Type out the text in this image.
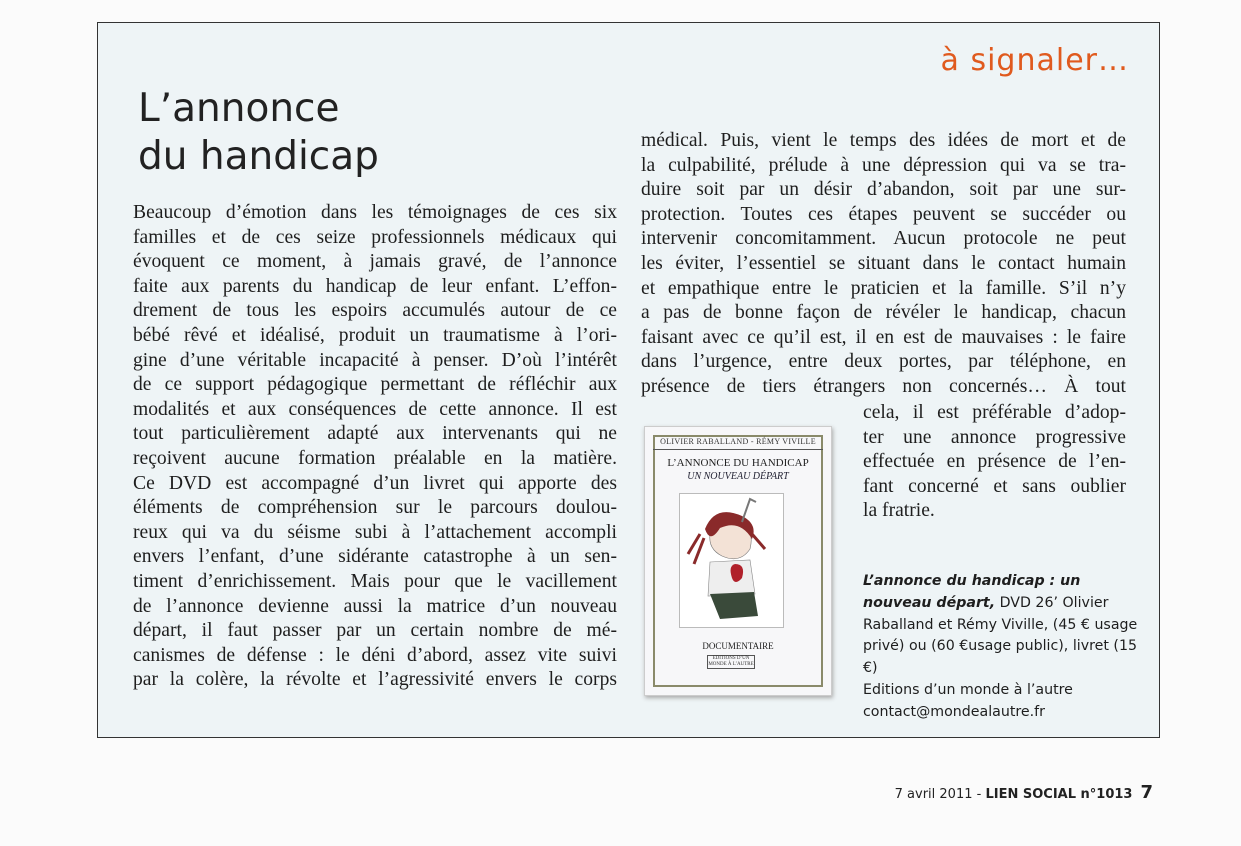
à signaler…
L’annonce
du handicap
Beaucoup d’émotion dans les témoignages de ces six
familles et de ces seize professionnels médicaux qui
évoquent ce moment, à jamais gravé, de l’annonce
faite aux parents du handicap de leur enfant. L’effon-
drement de tous les espoirs accumulés autour de ce
bébé rêvé et idéalisé, produit un traumatisme à l’ori-
gine d’une véritable incapacité à penser. D’où l’intérêt
de ce support pédagogique permettant de réfléchir aux
modalités et aux conséquences de cette annonce. Il est
tout particulièrement adapté aux intervenants qui ne
reçoivent aucune formation préalable en la matière.
Ce DVD est accompagné d’un livret qui apporte des
éléments de compréhension sur le parcours doulou-
reux qui va du séisme subi à l’attachement accompli
envers l’enfant, d’une sidérante catastrophe à un sen-
timent d’enrichissement. Mais pour que le vacillement
de l’annonce devienne aussi la matrice d’un nouveau
départ, il faut passer par un certain nombre de mé-
canismes de défense : le déni d’abord, assez vite suivi
par la colère, la révolte et l’agressivité envers le corps
médical. Puis, vient le temps des idées de mort et de
la culpabilité, prélude à une dépression qui va se tra-
duire soit par un désir d’abandon, soit par une sur-
protection. Toutes ces étapes peuvent se succéder ou
intervenir concomitamment. Aucun protocole ne peut
les éviter, l’essentiel se situant dans le contact humain
et empathique entre le praticien et la famille. S’il n’y
a pas de bonne façon de révéler le handicap, chacun
faisant avec ce qu’il est, il en est de mauvaises : le faire
dans l’urgence, entre deux portes, par téléphone, en
présence de tiers étrangers non concernés… À tout
cela, il est préférable d’adop-
ter une annonce progressive
effectuée en présence de l’en-
fant concerné et sans oublier
la fratrie.
OLIVIER RABALLAND - RÉMY VIVILLE
L’ANNONCE DU HANDICAP
UN NOUVEAU DÉPART
DOCUMENTAIRE
EDITIONS D’UN MONDE À L’AUTRE
L’annonce du handicap : un nouveau départ, DVD 26’ Olivier Raballand et Rémy Viville, (45 € usage privé) ou (60 €usage public), livret (15 €)
Editions d’un monde à l’autre
contact@mondealautre.fr
7 avril 2011 - LIEN SOCIAL n°1013 7
